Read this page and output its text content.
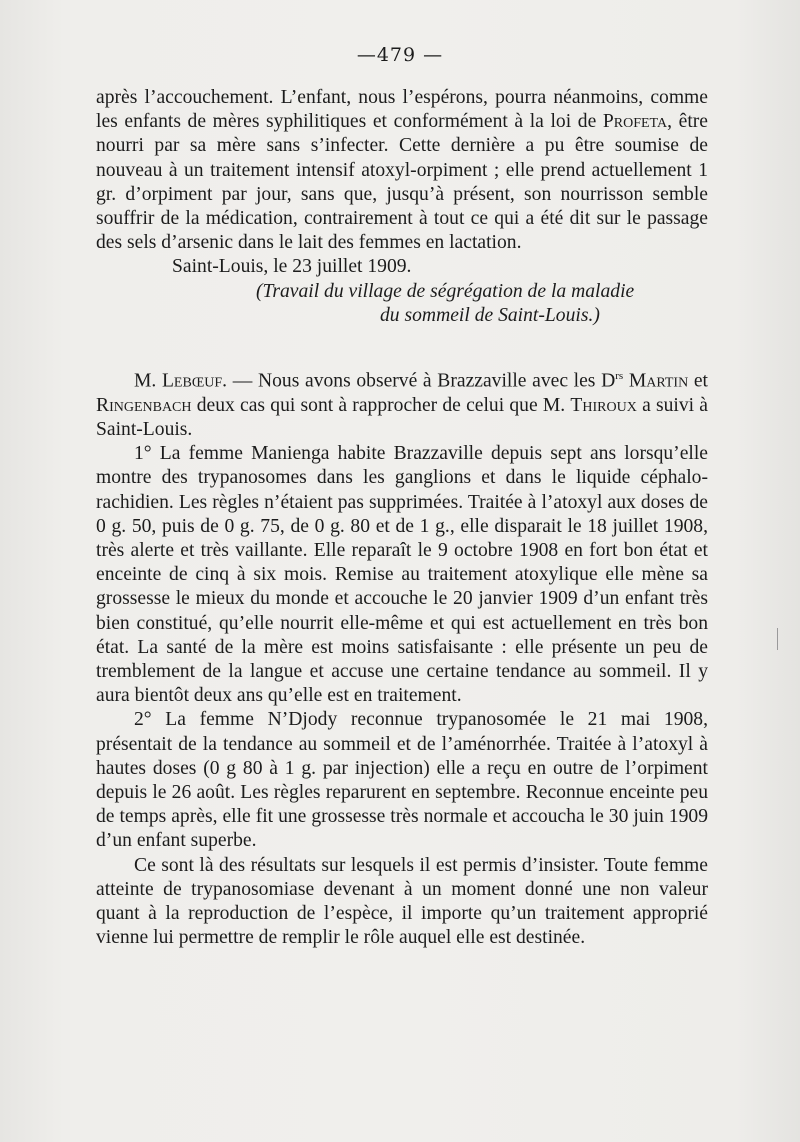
—479 —

après l’accouchement. L’enfant, nous l’espérons, pourra néanmoins, comme les enfants de mères syphilitiques et conformément à la loi de Profeta, être nourri par sa mère sans s’infecter. Cette dernière a pu être soumise de nouveau à un traitement intensif atoxyl-orpiment ; elle prend actuellement 1 gr. d’orpiment par jour, sans que, jusqu’à présent, son nourrisson semble souffrir de la médication, contrairement à tout ce qui a été dit sur le passage des sels d’arsenic dans le lait des femmes en lactation.

Saint-Louis, le 23 juillet 1909.

(Travail du village de ségrégation de la maladie
du sommeil de Saint-Louis.)

M. Lebœuf. — Nous avons observé à Brazzaville avec les $D^{rs}$ Martin et Ringenbach deux cas qui sont à rapprocher de celui que M. Thiroux a suivi à Saint-Louis.

1° La femme Manienga habite Brazzaville depuis sept ans lorsqu’elle montre des trypanosomes dans les ganglions et dans le liquide céphalo-rachidien. Les règles n’étaient pas supprimées. Traitée à l’atoxyl aux doses de 0 g. 50, puis de 0 g. 75, de 0 g. 80 et de 1 g., elle disparait le 18 juillet 1908, très alerte et très vaillante. Elle reparaît le 9 octobre 1908 en fort bon état et enceinte de cinq à six mois. Remise au traitement atoxylique elle mène sa grossesse le mieux du monde et accouche le 20 janvier 1909 d’un enfant très bien constitué, qu’elle nourrit elle-même et qui est actuellement en très bon état. La santé de la mère est moins satisfaisante : elle présente un peu de tremblement de la langue et accuse une certaine tendance au sommeil. Il y aura bientôt deux ans qu’elle est en traitement.

2° La femme N’Djody reconnue trypanosomée le 21 mai 1908, présentait de la tendance au sommeil et de l’aménorrhée. Traitée à l’atoxyl à hautes doses (0 g 80 à 1 g. par injection) elle a reçu en outre de l’orpiment depuis le 26 août. Les règles reparurent en septembre. Reconnue enceinte peu de temps après, elle fit une grossesse très normale et accoucha le 30 juin 1909 d’un enfant superbe.

Ce sont là des résultats sur lesquels il est permis d’insister. Toute femme atteinte de trypanosomiase devenant à un moment donné une non valeur quant à la reproduction de l’espèce, il importe qu’un traitement approprié vienne lui permettre de remplir le rôle auquel elle est destinée.
